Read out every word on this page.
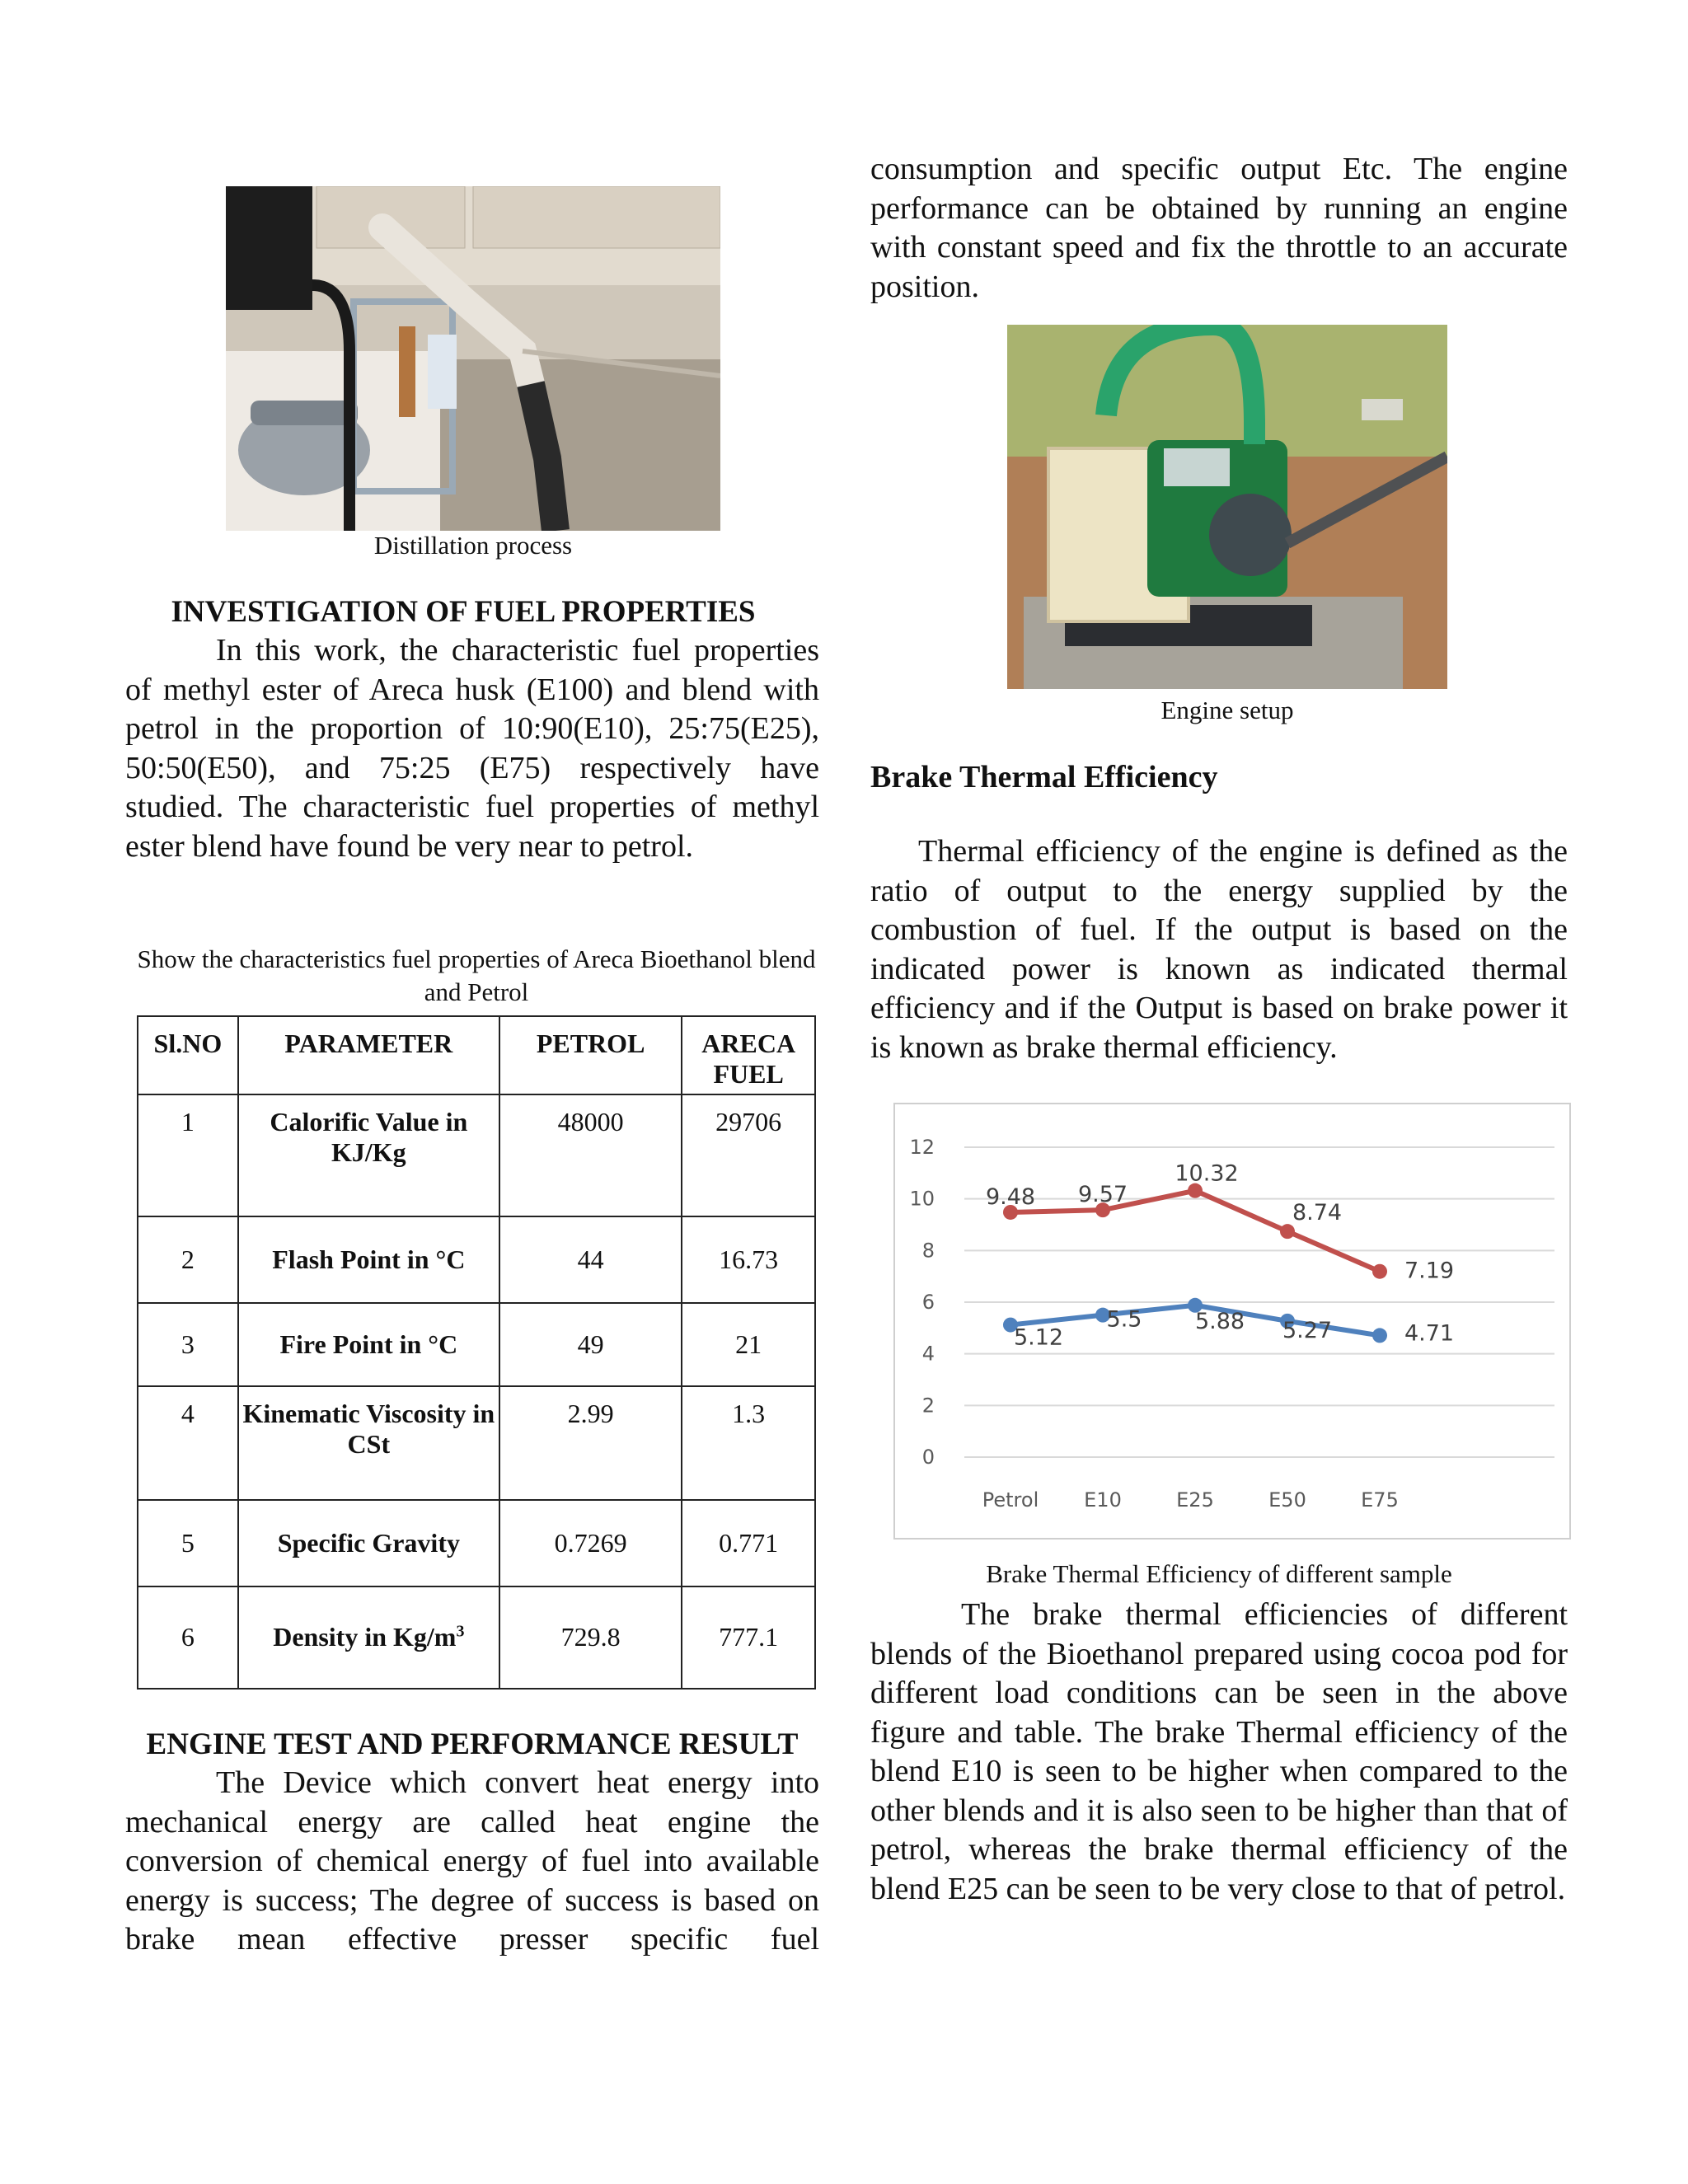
Distillation process

INVESTIGATION OF FUEL PROPERTIES

In this work, the characteristic fuel properties of methyl ester of Areca husk (E100) and blend with petrol in the proportion of 10:90(E10), 25:75(E25), 50:50(E50), and 75:25 (E75) respectively have studied. The characteristic fuel properties of methyl ester blend have found be very near to petrol.

Show the characteristics fuel properties of Areca Bioethanol blend and Petrol

Sl.NO	PARAMETER	PETROL	ARECA FUEL
1	Calorific Value in KJ/Kg	48000	29706
2	Flash Point in °C	44	16.73
3	Fire Point in °C	49	21
4	Kinematic Viscosity in CSt	2.99	1.3
5	Specific Gravity	0.7269	0.771
6	Density in $Kg/m^3$	729.8	777.1

ENGINE TEST AND PERFORMANCE RESULT

The Device which convert heat energy into mechanical energy are called heat engine the conversion of chemical energy of fuel into available energy is success; The degree of success is based on brake mean effective presser specific fuel

consumption and specific output Etc. The engine performance can be obtained by running an engine with constant speed and fix the throttle to an accurate position.

Engine setup

Brake Thermal Efficiency

Thermal efficiency of the engine is defined as the ratio of output to the energy supplied by the combustion of fuel. If the output is based on the indicated power is known as indicated thermal efficiency and if the Output is based on brake power it is known as brake thermal efficiency.

0
2
4
6
8
10
12
Petrol E10	E25	E50	E75
9.48 9.57
10.32
8.74
7.19
5.12
5.5 5.88 5.27	4.71

Brake Thermal Efficiency of different sample

The brake thermal efficiencies of different blends of the Bioethanol prepared using cocoa pod for different load conditions can be seen in the above figure and table. The brake Thermal efficiency of the blend E10 is seen to be higher when compared to the other blends and it is also seen to be higher than that of petrol, whereas the brake thermal efficiency of the blend E25 can be seen to be very close to that of petrol.
